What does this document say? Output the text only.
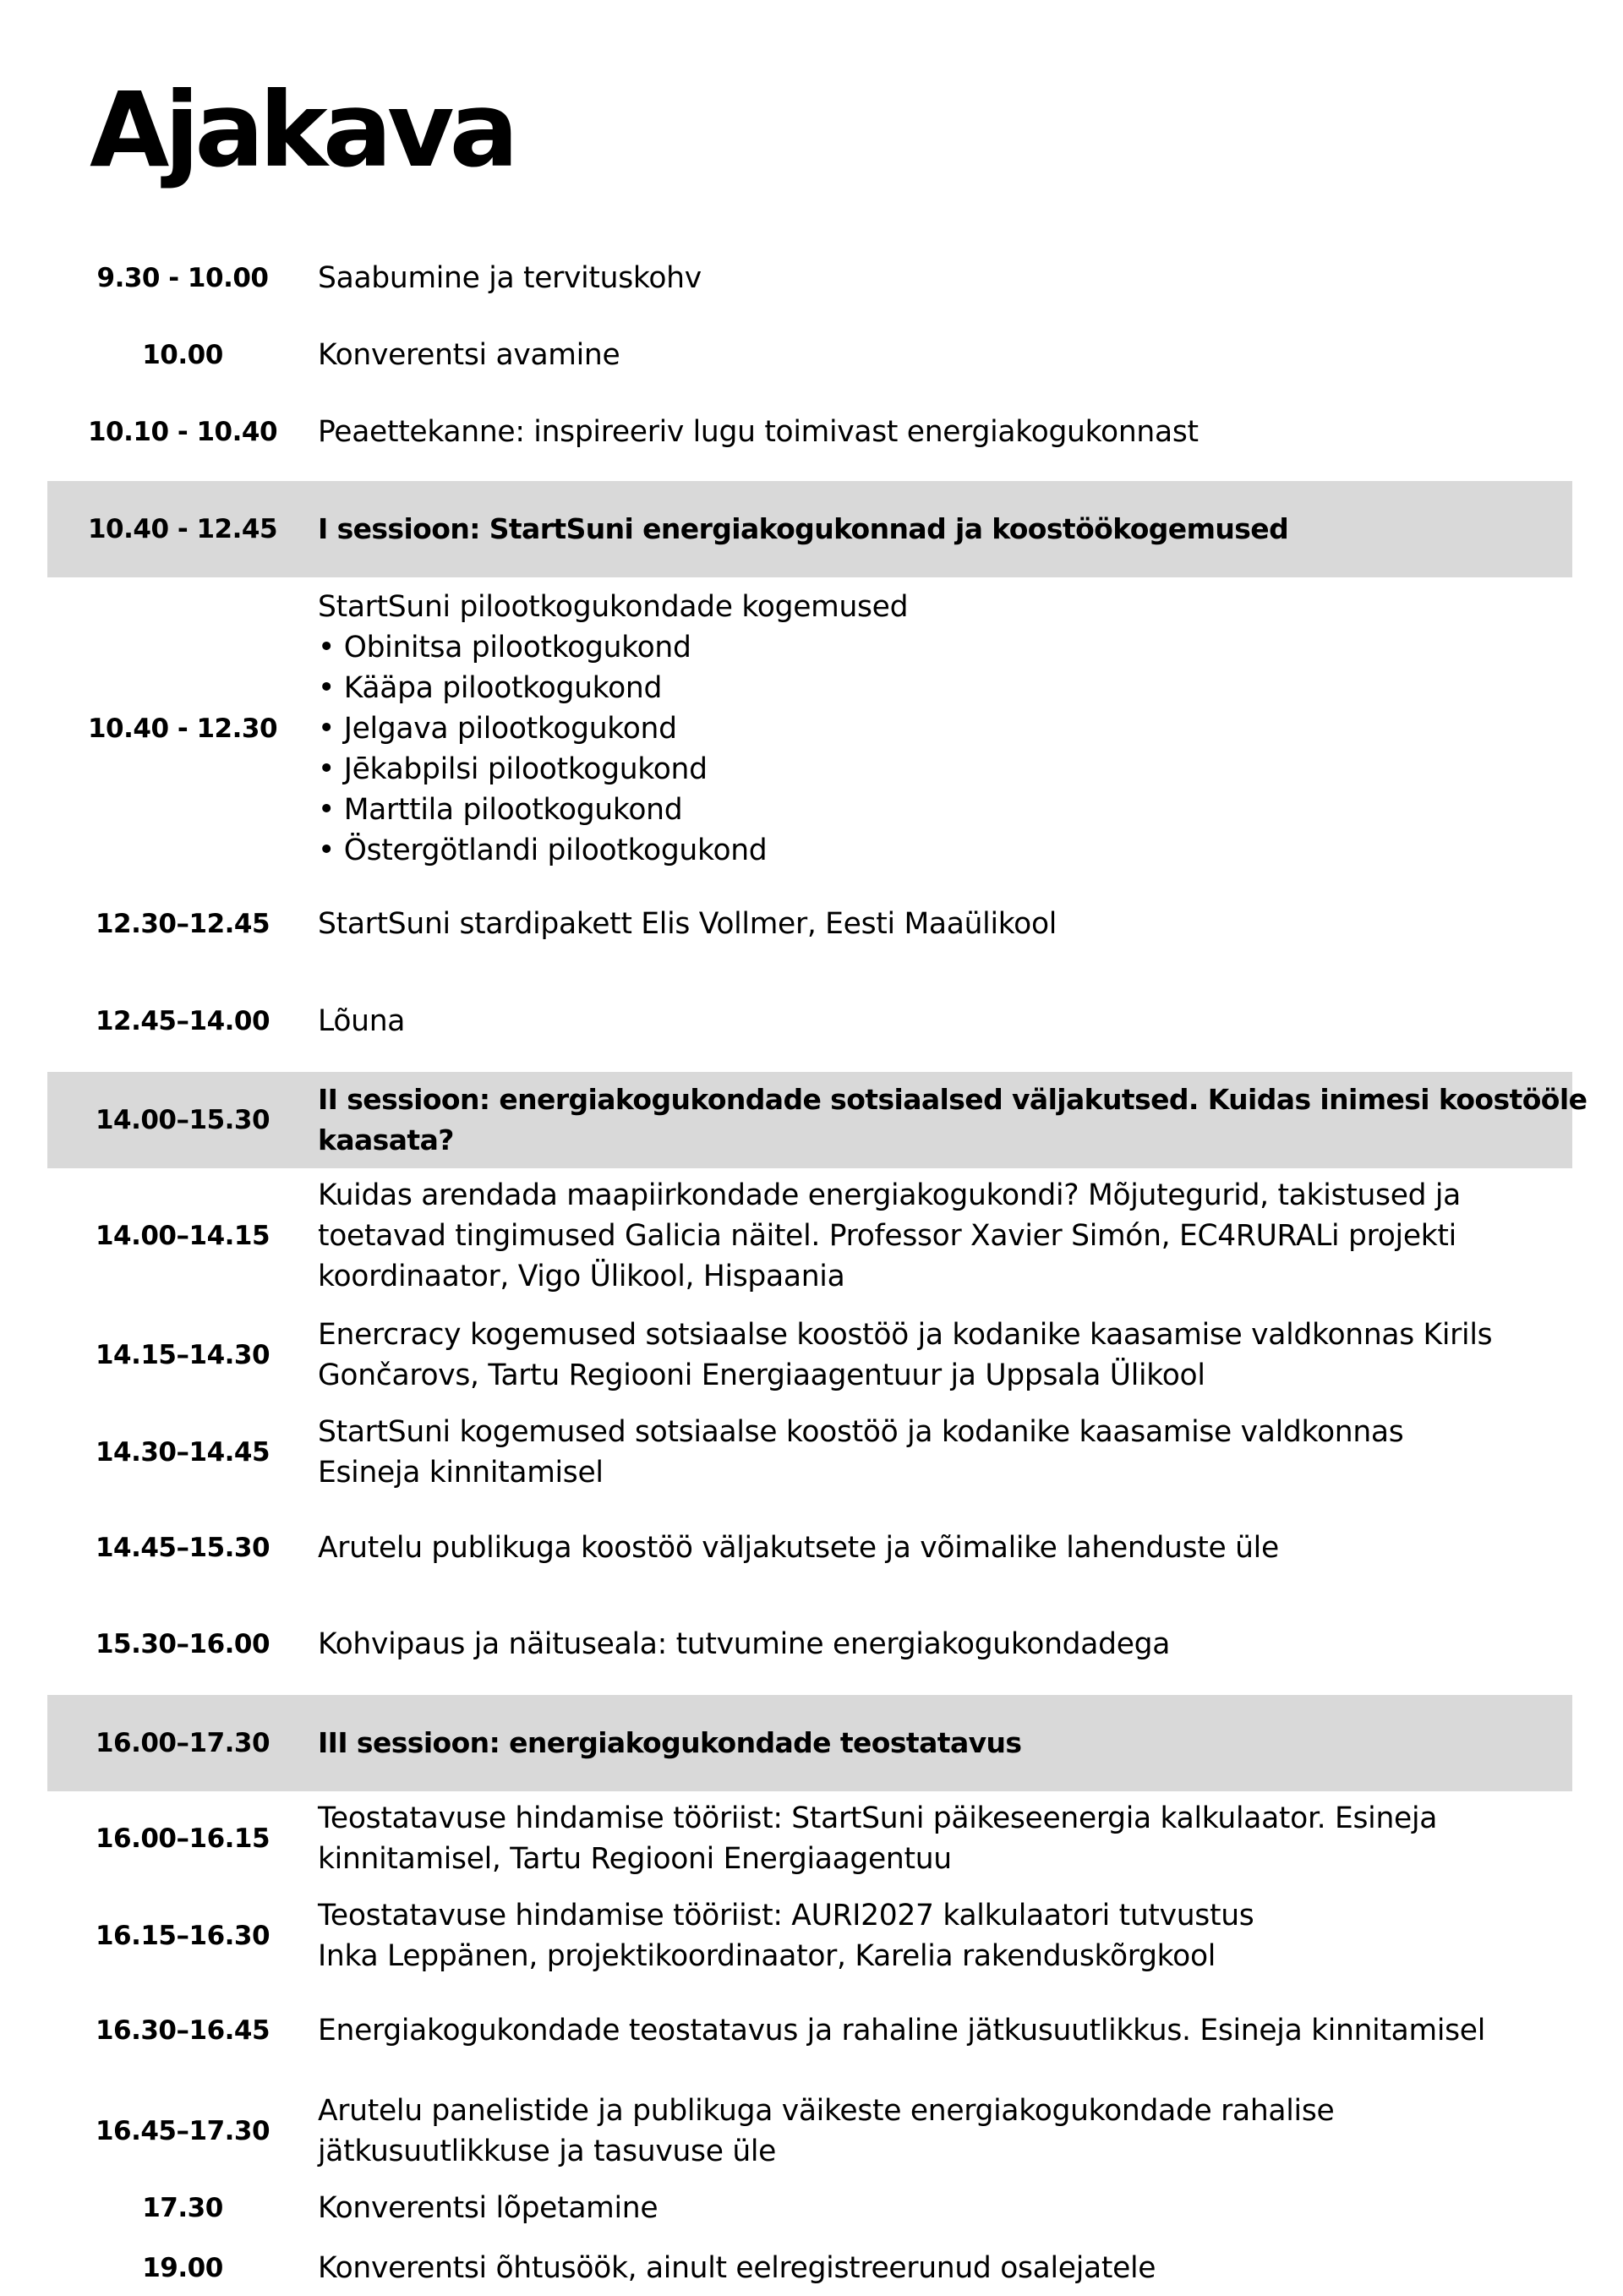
Ajakava
9.30 - 10.00	Saabumine ja tervituskohv
10.00	Konverentsi avamine
10.10 - 10.40	Peaettekanne: inspireeriv lugu toimivast energiakogukonnast
10.40 - 12.45	I sessioon: StartSuni energiakogukonnad ja koostöökogemused
10.40 - 12.30
StartSuni pilootkogukondade kogemused
• Obinitsa pilootkogukond
• Kääpa pilootkogukond
• Jelgava pilootkogukond
• Jēkabpilsi pilootkogukond
• Marttila pilootkogukond
• Östergötlandi pilootkogukond
12.30–12.45	StartSuni stardipakett Elis Vollmer, Eesti Maaülikool
12.45–14.00	Lõuna
14.00–15.30
II sessioon: energiakogukondade sotsiaalsed väljakutsed. Kuidas inimesi koostööle
kaasata?
14.00–14.15
Kuidas arendada maapiirkondade energiakogukondi? Mõjutegurid, takistused ja
toetavad tingimused Galicia näitel. Professor Xavier Simón, EC4RURALi projekti
koordinaator, Vigo Ülikool, Hispaania
14.15–14.30
Enercracy kogemused sotsiaalse koostöö ja kodanike kaasamise valdkonnas Kirils
Gončarovs, Tartu Regiooni Energiaagentuur ja Uppsala Ülikool
14.30–14.45
StartSuni kogemused sotsiaalse koostöö ja kodanike kaasamise valdkonnas
Esineja kinnitamisel
14.45–15.30	Arutelu publikuga koostöö väljakutsete ja võimalike lahenduste üle
15.30–16.00	Kohvipaus ja näituseala: tutvumine energiakogukondadega
16.00–17.30	III sessioon: energiakogukondade teostatavus
16.00–16.15
Teostatavuse hindamise tööriist: StartSuni päikeseenergia kalkulaator. Esineja
kinnitamisel, Tartu Regiooni Energiaagentuu
16.15–16.30
Teostatavuse hindamise tööriist: AURI2027 kalkulaatori tutvustus
Inka Leppänen, projektikoordinaator, Karelia rakenduskõrgkool
16.30–16.45	Energiakogukondade teostatavus ja rahaline jätkusuutlikkus. Esineja kinnitamisel
16.45–17.30
Arutelu panelistide ja publikuga väikeste energiakogukondade rahalise
jätkusuutlikkuse ja tasuvuse üle
17.30	Konverentsi lõpetamine
19.00	Konverentsi õhtusöök, ainult eelregistreerunud osalejatele
